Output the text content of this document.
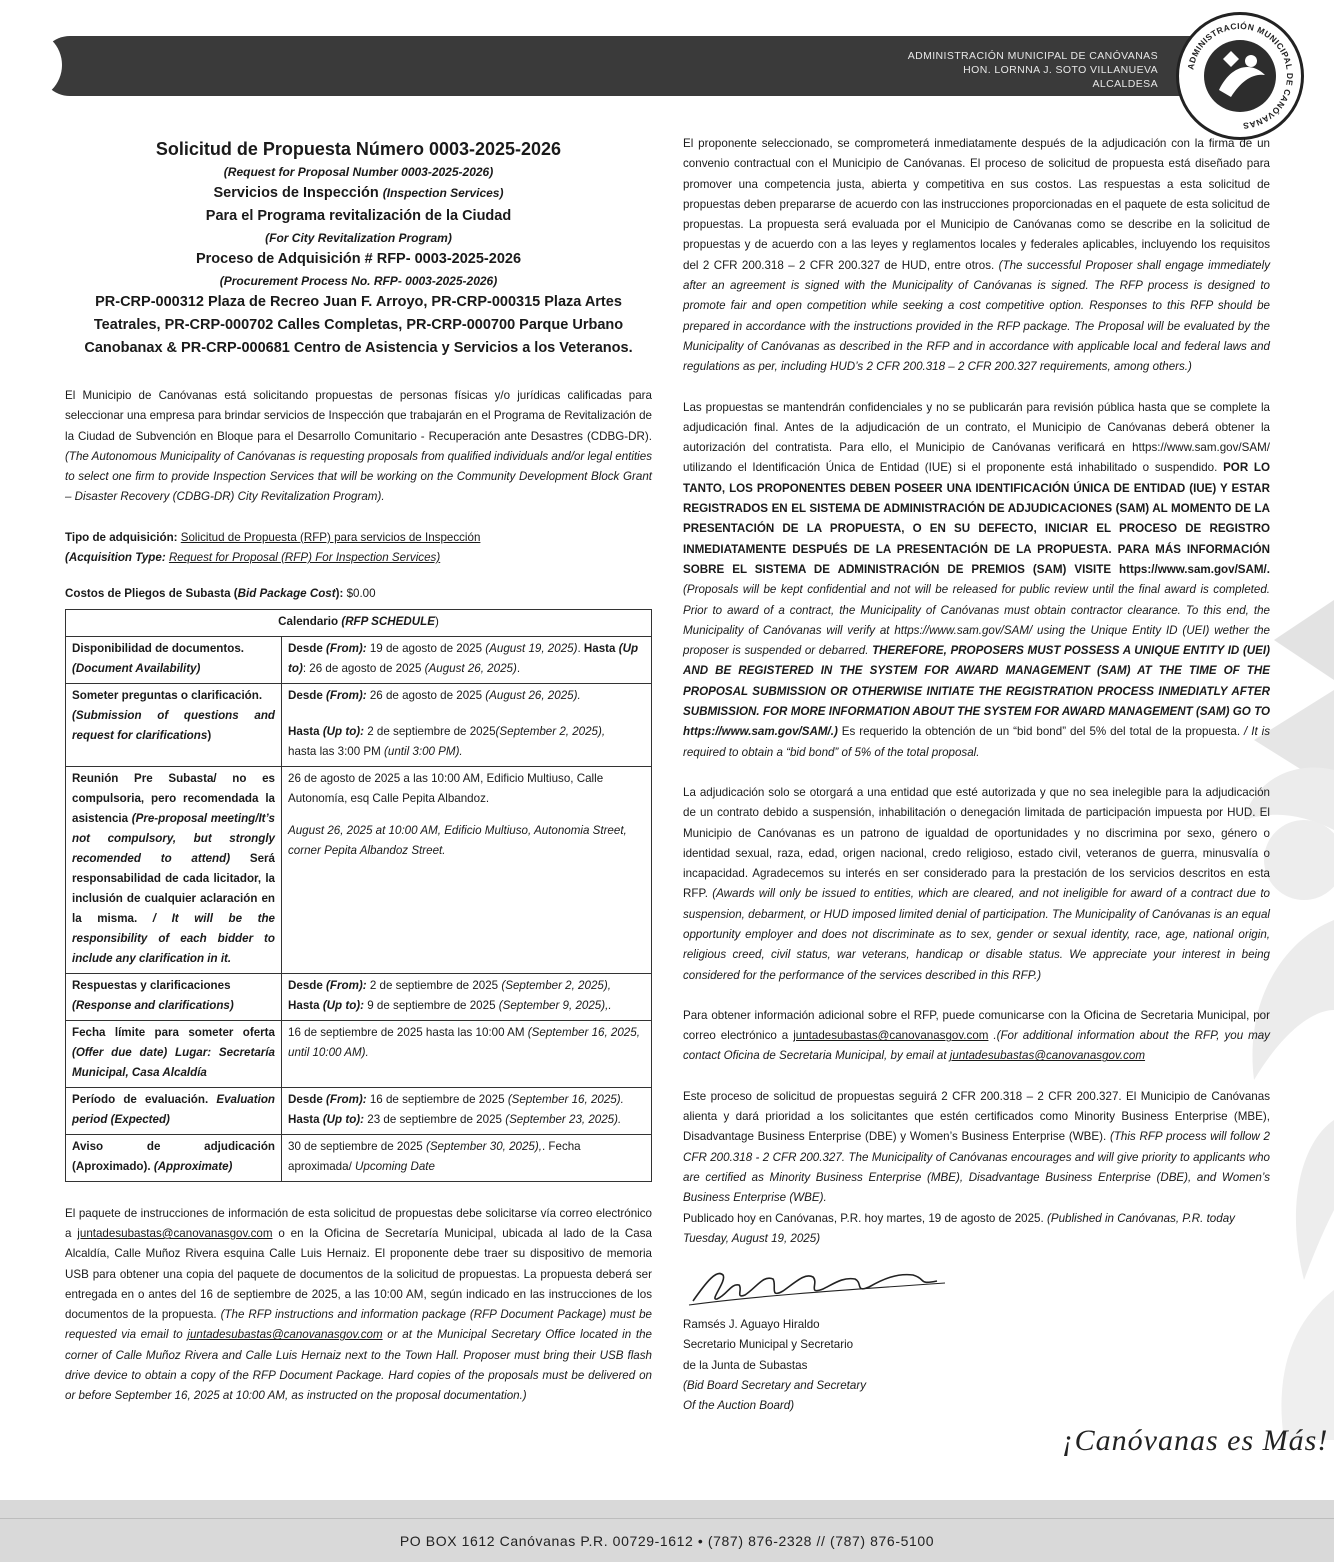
ADMINISTRACIÓN MUNICIPAL DE CANÓVANAS
HON. LORNNA J. SOTO VILLANUEVA
ALCALDESA
ADMINISTRACIÓN MUNICIPAL DE CANÓVANAS
Solicitud de Propuesta Número 0003-2025-2026
(Request for Proposal Number 0003-2025-2026)
Servicios de Inspección (Inspection Services)
Para el Programa revitalización de la Ciudad
(For City Revitalization Program)
Proceso de Adquisición # RFP- 0003-2025-2026
(Procurement Process No. RFP- 0003-2025-2026)
PR-CRP-000312 Plaza de Recreo Juan F. Arroyo, PR-CRP-000315 Plaza Artes Teatrales, PR-CRP-000702 Calles Completas, PR-CRP-000700 Parque Urbano Canobanax & PR-CRP-000681 Centro de Asistencia y Servicios a los Veteranos.

El Municipio de Canóvanas está solicitando propuestas de personas físicas y/o jurídicas calificadas para seleccionar una empresa para brindar servicios de Inspección que trabajarán en el Programa de Revitalización de la Ciudad de Subvención en Bloque para el Desarrollo Comunitario - Recuperación ante Desastres (CDBG-DR). (The Autonomous Municipality of Canóvanas is requesting proposals from qualified individuals and/or legal entities to select one firm to provide Inspection Services that will be working on the Community Development Block Grant – Disaster Recovery (CDBG-DR) City Revitalization Program).

Tipo de adquisición: Solicitud de Propuesta (RFP) para servicios de Inspección
(Acquisition Type: Request for Proposal (RFP) For Inspection Services)

Costos de Pliegos de Subasta (Bid Package Cost): $0.00

Calendario (RFP SCHEDULE)	
Disponibilidad de documentos.
(Document Availability)	Desde (From): 19 de agosto de 2025 (August 19, 2025). Hasta (Up to): 26 de agosto de 2025 (August 26, 2025).
Someter preguntas o clarificación.
(Submission of questions and request for clarifications)	Desde (From): 26 de agosto de 2025 (August 26, 2025).
Hasta (Up to): 2 de septiembre de 2025(September 2, 2025),
hasta las 3:00 PM (until 3:00 PM).

Reunión Pre Subasta/ no es compulsoria, pero recomendada la asistencia (Pre-proposal meeting/It’s not compulsory, but strongly recomended to attend) Será responsabilidad de cada licitador, la inclusión de cualquier aclaración en la misma. / It will be the responsibility of each bidder to include any clarification in it.	26 de agosto de 2025 a las 10:00 AM, Edificio Multiuso, Calle Autonomía, esq Calle Pepita Albandoz.
August 26, 2025 at 10:00 AM, Edificio Multiuso, Autonomia Street, corner Pepita Albandoz Street.

Respuestas y clarificaciones
(Response and clarifications)	Desde (From): 2 de septiembre de 2025 (September 2, 2025),
Hasta (Up to): 9 de septiembre de 2025 (September 9, 2025),.
Fecha límite para someter oferta (Offer due date) Lugar: Secretaría Municipal, Casa Alcaldía	16 de septiembre de 2025 hasta las 10:00 AM (September 16, 2025, until 10:00 AM).
Período de evaluación. Evaluation period (Expected)	Desde (From): 16 de septiembre de 2025 (September 16, 2025).
Hasta (Up to): 23 de septiembre de 2025 (September 23, 2025).
Aviso de adjudicación (Aproximado). (Approximate)	30 de septiembre de 2025 (September 30, 2025),. Fecha aproximada/ Upcoming Date

El paquete de instrucciones de información de esta solicitud de propuestas debe solicitarse vía correo electrónico a juntadesubastas@canovanasgov.com o en la Oficina de Secretaría Municipal, ubicada al lado de la Casa Alcaldía, Calle Muñoz Rivera esquina Calle Luis Hernaiz. El proponente debe traer su dispositivo de memoria USB para obtener una copia del paquete de documentos de la solicitud de propuestas. La propuesta deberá ser entregada en o antes del 16 de septiembre de 2025, a las 10:00 AM, según indicado en las instrucciones de los documentos de la propuesta. (The RFP instructions and information package (RFP Document Package) must be requested via email to juntadesubastas@canovanasgov.com or at the Municipal Secretary Office located in the corner of Calle Muñoz Rivera and Calle Luis Hernaiz next to the Town Hall. Proposer must bring their USB flash drive device to obtain a copy of the RFP Document Package. Hard copies of the proposals must be delivered on or before September 16, 2025 at 10:00 AM, as instructed on the proposal documentation.)

El proponente seleccionado, se comprometerá inmediatamente después de la adjudicación con la firma de un convenio contractual con el Municipio de Canóvanas. El proceso de solicitud de propuesta está diseñado para promover una competencia justa, abierta y competitiva en sus costos. Las respuestas a esta solicitud de propuestas deben prepararse de acuerdo con las instrucciones proporcionadas en el paquete de esta solicitud de propuestas. La propuesta será evaluada por el Municipio de Canóvanas como se describe en la solicitud de propuestas y de acuerdo con a las leyes y reglamentos locales y federales aplicables, incluyendo los requisitos del 2 CFR 200.318 – 2 CFR 200.327 de HUD, entre otros. (The successful Proposer shall engage immediately after an agreement is signed with the Municipality of Canóvanas is signed. The RFP process is designed to promote fair and open competition while seeking a cost competitive option. Responses to this RFP should be prepared in accordance with the instructions provided in the RFP package. The Proposal will be evaluated by the Municipality of Canóvanas as described in the RFP and in accordance with applicable local and federal laws and regulations as per, including HUD’s 2 CFR 200.318 – 2 CFR 200.327 requirements, among others.)

Las propuestas se mantendrán confidenciales y no se publicarán para revisión pública hasta que se complete la adjudicación final. Antes de la adjudicación de un contrato, el Municipio de Canóvanas deberá obtener la autorización del contratista. Para ello, el Municipio de Canóvanas verificará en https://www.sam.gov/SAM/ utilizando el Identificación Única de Entidad (IUE) si el proponente está inhabilitado o suspendido. POR LO TANTO, LOS PROPONENTES DEBEN POSEER UNA IDENTIFICACIÓN ÚNICA DE ENTIDAD (IUE) Y ESTAR REGISTRADOS EN EL SISTEMA DE ADMINISTRACIÓN DE ADJUDICACIONES (SAM) AL MOMENTO DE LA PRESENTACIÓN DE LA PROPUESTA, O EN SU DEFECTO, INICIAR EL PROCESO DE REGISTRO INMEDIATAMENTE DESPUÉS DE LA PRESENTACIÓN DE LA PROPUESTA. PARA MÁS INFORMACIÓN SOBRE EL SISTEMA DE ADMINISTRACIÓN DE PREMIOS (SAM) VISITE https://www.sam.gov/SAM/. (Proposals will be kept confidential and not will be released for public review until the final award is completed. Prior to award of a contract, the Municipality of Canóvanas must obtain contractor clearance. To this end, the Municipality of Canóvanas will verify at https://www.sam.gov/SAM/ using the Unique Entity ID (UEI) wether the proposer is suspended or debarred. THEREFORE, PROPOSERS MUST POSSESS A UNIQUE ENTITY ID (UEI) AND BE REGISTERED IN THE SYSTEM FOR AWARD MANAGEMENT (SAM) AT THE TIME OF THE PROPOSAL SUBMISSION OR OTHERWISE INITIATE THE REGISTRATION PROCESS INMEDIATLY AFTER SUBMISSION. FOR MORE INFORMATION ABOUT THE SYSTEM FOR AWARD MANAGEMENT (SAM) GO TO https://www.sam.gov/SAM/.) Es requerido la obtención de un “bid bond” del 5% del total de la propuesta. / It is required to obtain a “bid bond” of 5% of the total proposal.

La adjudicación solo se otorgará a una entidad que esté autorizada y que no sea inelegible para la adjudicación de un contrato debido a suspensión, inhabilitación o denegación limitada de participación impuesta por HUD. El Municipio de Canóvanas es un patrono de igualdad de oportunidades y no discrimina por sexo, género o identidad sexual, raza, edad, origen nacional, credo religioso, estado civil, veteranos de guerra, minusvalía o incapacidad. Agradecemos su interés en ser considerado para la prestación de los servicios descritos en esta RFP. (Awards will only be issued to entities, which are cleared, and not ineligible for award of a contract due to suspension, debarment, or HUD imposed limited denial of participation. The Municipality of Canóvanas is an equal opportunity employer and does not discriminate as to sex, gender or sexual identity, race, age, national origin, religious creed, civil status, war veterans, handicap or disable status. We appreciate your interest in being considered for the performance of the services described in this RFP.)

Para obtener información adicional sobre el RFP, puede comunicarse con la Oficina de Secretaria Municipal, por correo electrónico a juntadesubastas@canovanasgov.com .(For additional information about the RFP, you may contact Oficina de Secretaria Municipal, by email at juntadesubastas@canovanasgov.com

Este proceso de solicitud de propuestas seguirá 2 CFR 200.318 – 2 CFR 200.327. El Municipio de Canóvanas alienta y dará prioridad a los solicitantes que estén certificados como Minority Business Enterprise (MBE), Disadvantage Business Enterprise (DBE) y Women’s Business Enterprise (WBE). (This RFP process will follow 2 CFR 200.318 - 2 CFR 200.327. The Municipality of Canóvanas encourages and will give priority to applicants who are certified as Minority Business Enterprise (MBE), Disadvantage Business Enterprise (DBE), and Women’s Business Enterprise (WBE).

Publicado hoy en Canóvanas, P.R. hoy martes, 19 de agosto de 2025. (Published in Canóvanas, P.R. today Tuesday, August 19, 2025)

Ramsés J. Aguayo Hiraldo
Secretario Municipal y Secretario
de la Junta de Subastas
(Bid Board Secretary and Secretary
Of the Auction Board)
¡Canóvanas es Más!
PO BOX 1612 Canóvanas P.R. 00729-1612 • (787) 876-2328 // (787) 876-5100
